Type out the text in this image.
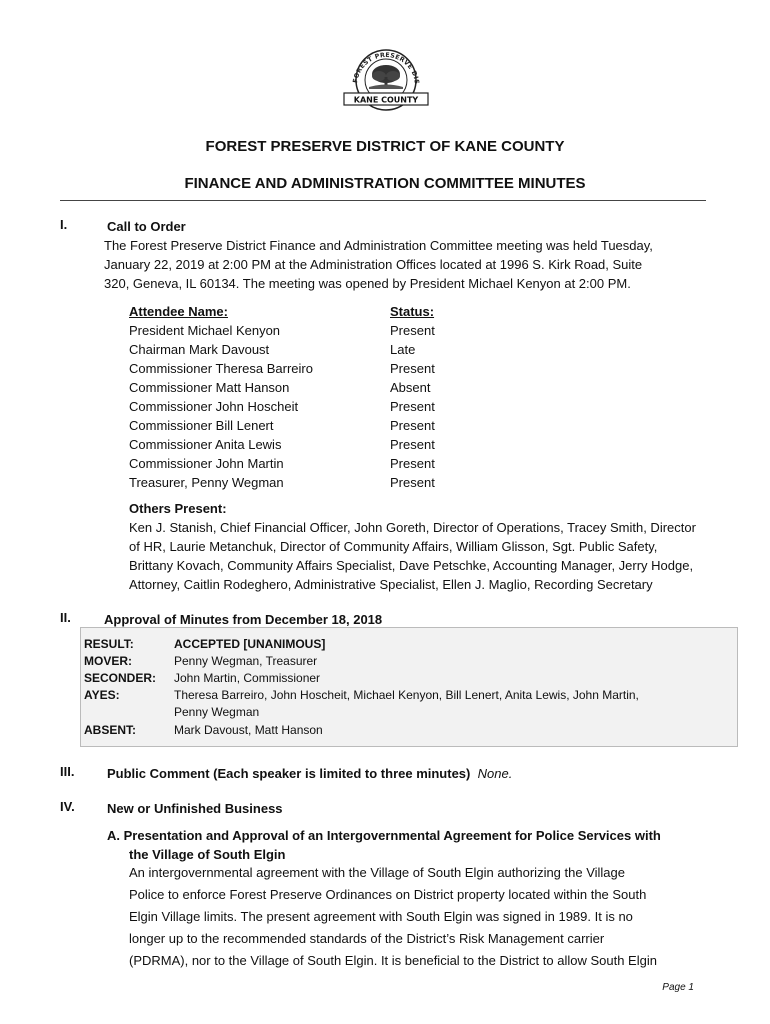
FOREST PRESERVE DIS
KANE COUNTY
FOREST PRESERVE DISTRICT OF KANE COUNTY
FINANCE AND ADMINISTRATION COMMITTEE MINUTES
I.	Call to Order
The Forest Preserve District Finance and Administration Committee meeting was held Tuesday,
January 22, 2019 at 2:00 PM at the Administration Offices located at 1996 S. Kirk Road, Suite
320, Geneva, IL 60134. The meeting was opened by President Michael Kenyon at 2:00 PM.
Attendee Name:	Status:
President Michael Kenyon	Present
Chairman Mark Davoust	Late
Commissioner Theresa Barreiro	Present
Commissioner Matt Hanson	Absent
Commissioner John Hoscheit	Present
Commissioner Bill Lenert	Present
Commissioner Anita Lewis	Present
Commissioner John Martin	Present
Treasurer, Penny Wegman	Present
Others Present:
Ken J. Stanish, Chief Financial Officer, John Goreth, Director of Operations, Tracey Smith, Director
of HR, Laurie Metanchuk, Director of Community Affairs, William Glisson, Sgt. Public Safety,
Brittany Kovach, Community Affairs Specialist, Dave Petschke, Accounting Manager, Jerry Hodge,
Attorney, Caitlin Rodeghero, Administrative Specialist, Ellen J. Maglio, Recording Secretary
II.	Approval of Minutes from December 18, 2018
RESULT:	ACCEPTED [UNANIMOUS]
MOVER:	Penny Wegman, Treasurer
SECONDER: John Martin, Commissioner
AYES:	Theresa Barreiro, John Hoscheit, Michael Kenyon, Bill Lenert, Anita Lewis, John Martin,
Penny Wegman
ABSENT:	Mark Davoust, Matt Hanson
III.	Public Comment (Each speaker is limited to three minutes) None.
IV. New or Unfinished Business
A. Presentation and Approval of an Intergovernmental Agreement for Police Services with
the Village of South Elgin
An intergovernmental agreement with the Village of South Elgin authorizing the Village
Police to enforce Forest Preserve Ordinances on District property located within the South
Elgin Village limits. The present agreement with South Elgin was signed in 1989. It is no
longer up to the recommended standards of the District’s Risk Management carrier
(PDRMA), nor to the Village of South Elgin. It is beneficial to the District to allow South Elgin
Page 1
